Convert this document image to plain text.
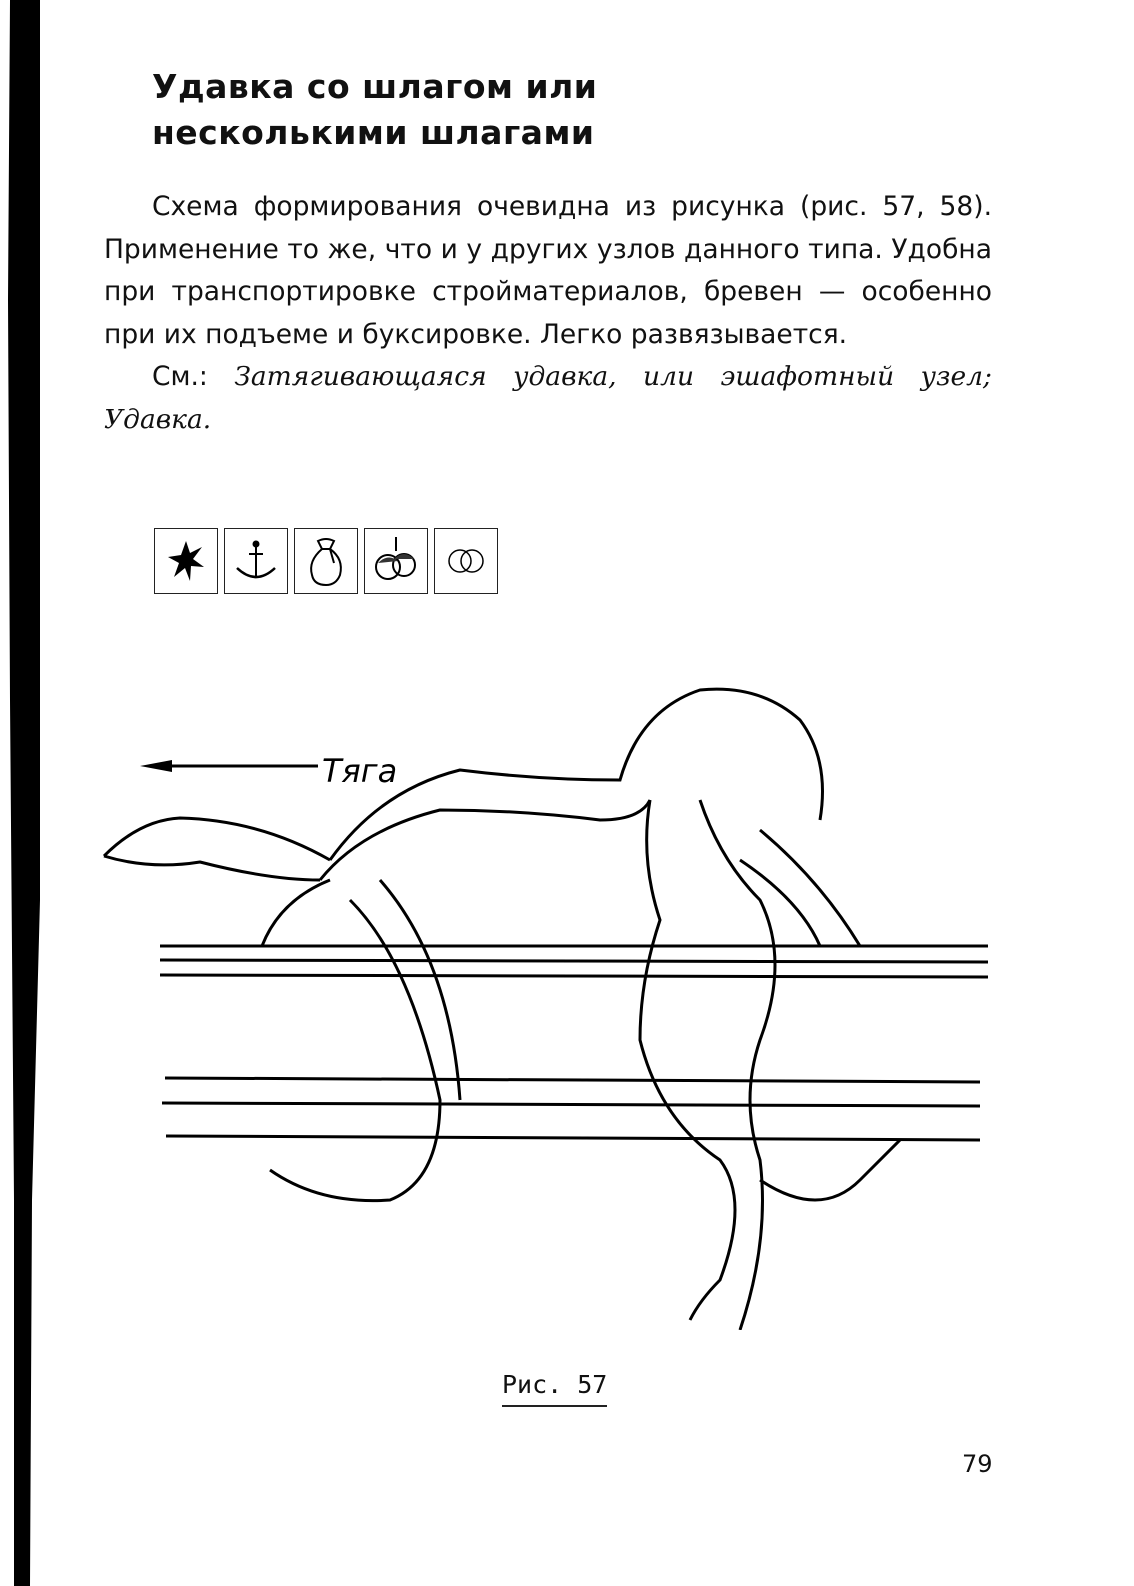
Удавка со шлагом или
несколькими шлагами

Схема формирования очевидна из рисунка (рис. 57, 58). Применение то же, что и у других узлов данного типа. Удобна при транспортировке стройматериалов, бревен — особенно при их подъеме и буксировке. Легко развязывается.

См.: Затягивающаяся удавка, или эшафотный узел; Удавка.

Тяга
Рис. 57
79
